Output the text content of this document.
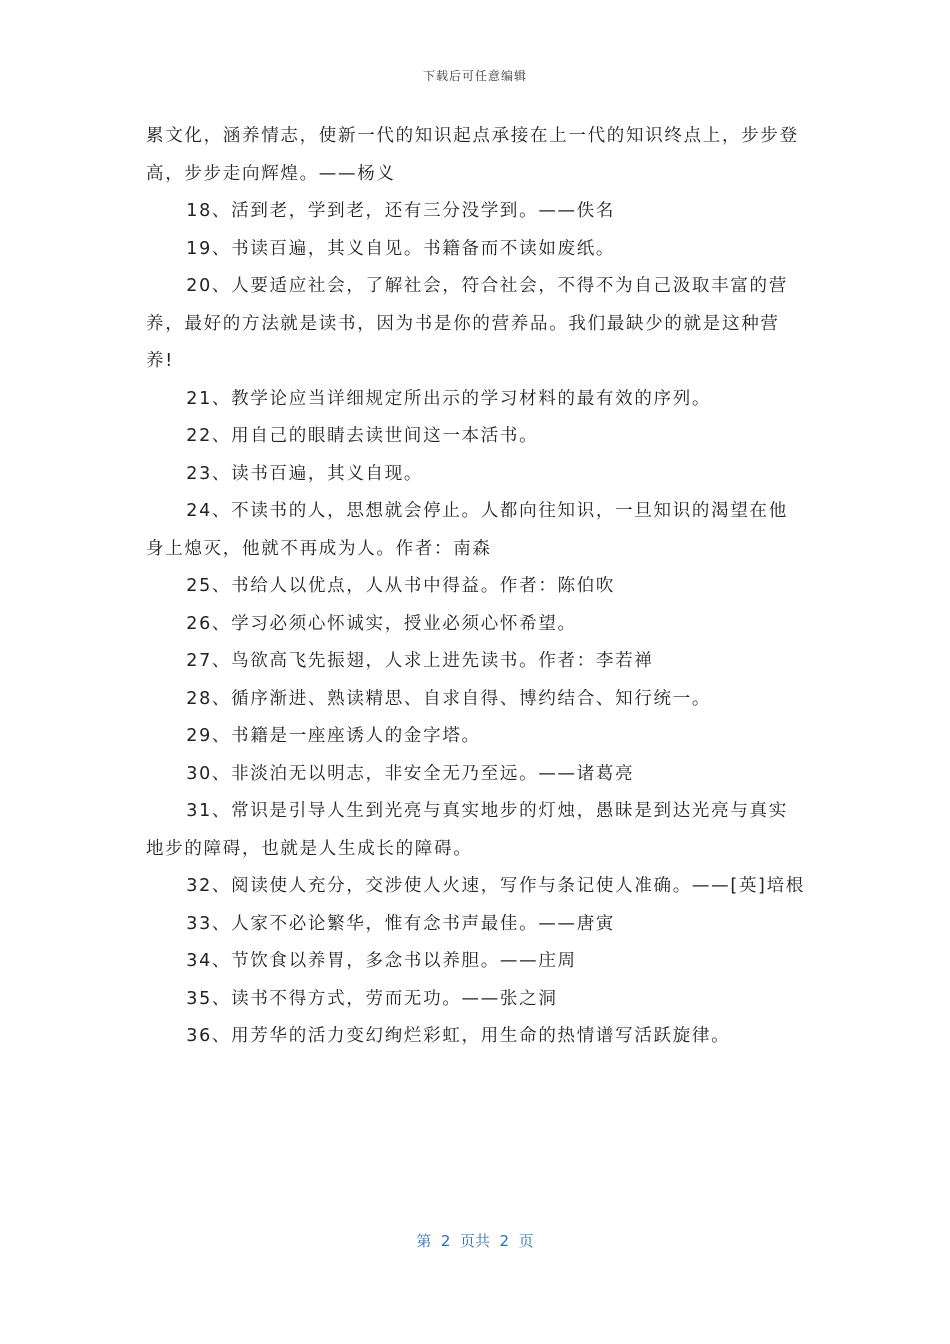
下载后可任意编辑

累文化，涵养情志，使新一代的知识起点承接在上一代的知识终点上，步步登高，步步走向辉煌。——杨义

18、活到老，学到老，还有三分没学到。——佚名

19、书读百遍，其义自见。书籍备而不读如废纸。

20、人要适应社会，了解社会，符合社会，不得不为自己汲取丰富的营养，最好的方法就是读书，因为书是你的营养品。我们最缺少的就是这种营养!

21、教学论应当详细规定所出示的学习材料的最有效的序列。

22、用自己的眼睛去读世间这一本活书。

23、读书百遍，其义自现。

24、不读书的人，思想就会停止。人都向往知识，一旦知识的渴望在他身上熄灭，他就不再成为人。作者：南森

25、书给人以优点，人从书中得益。作者：陈伯吹

26、学习必须心怀诚实，授业必须心怀希望。

27、鸟欲高飞先振翅，人求上进先读书。作者：李若禅

28、循序渐进、熟读精思、自求自得、博约结合、知行统一。

29、书籍是一座座诱人的金字塔。

30、非淡泊无以明志，非安全无乃至远。——诸葛亮

31、常识是引导人生到光亮与真实地步的灯烛，愚昧是到达光亮与真实地步的障碍，也就是人生成长的障碍。

32、阅读使人充分，交涉使人火速，写作与条记使人准确。——[英]培根

33、人家不必论繁华，惟有念书声最佳。——唐寅

34、节饮食以养胃，多念书以养胆。——庄周

35、读书不得方式，劳而无功。——张之洞

36、用芳华的活力变幻绚烂彩虹，用生命的热情谱写活跃旋律。

第  2  页共  2  页
